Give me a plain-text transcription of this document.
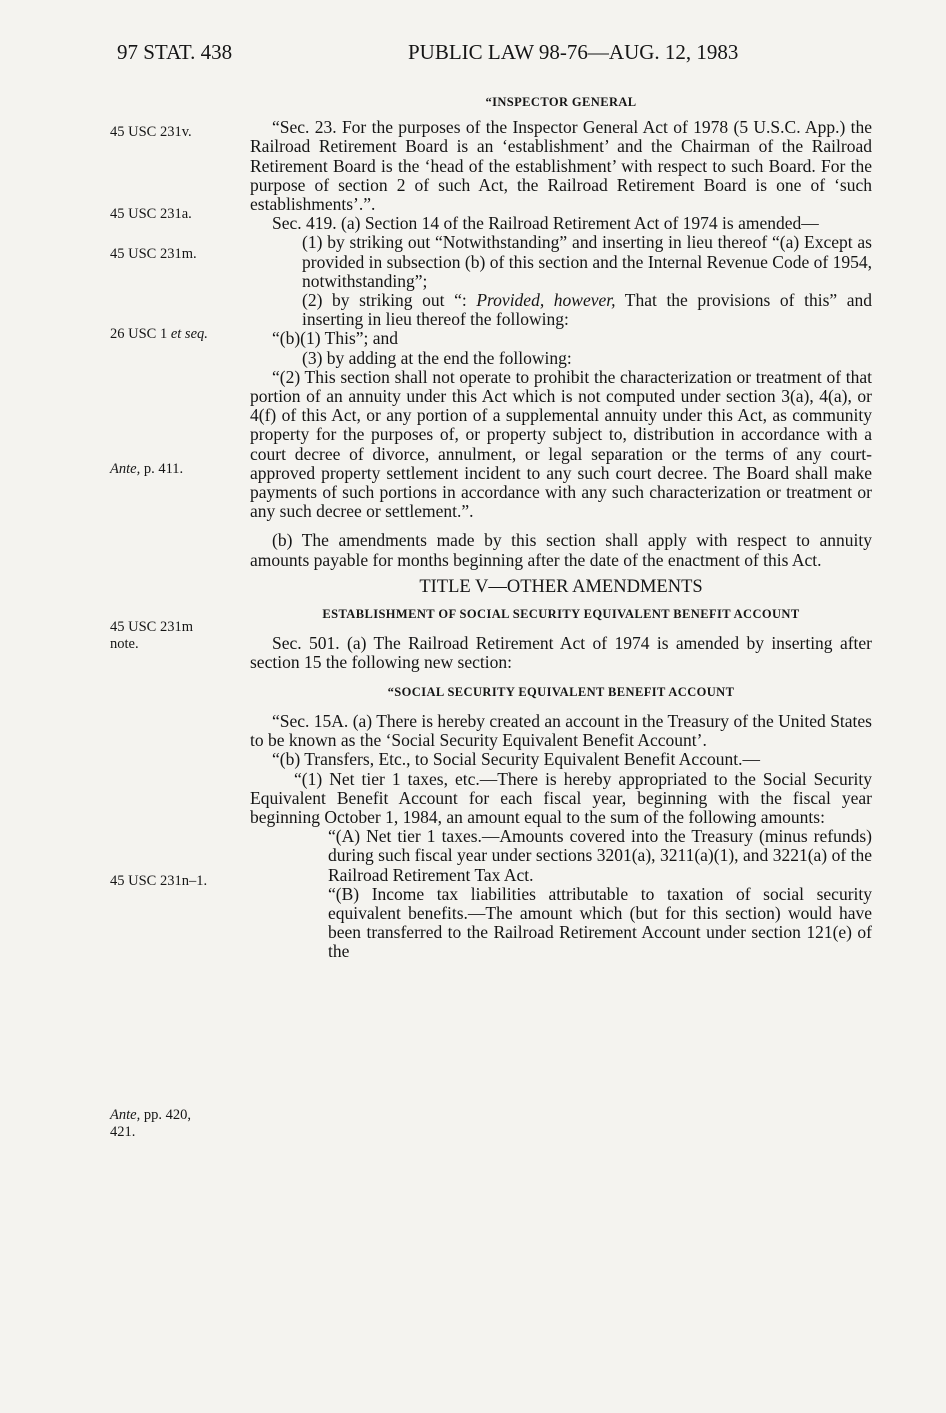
97 STAT. 438	PUBLIC LAW 98-76—AUG. 12, 1983
45 USC 231v.
45 USC 231a.
45 USC 231m.
26 USC 1 et seq.
Ante, p. 411.
45 USC 231m note.
45 USC 231n–1.
Ante, pp. 420, 421.

“INSPECTOR GENERAL

“Sec. 23. For the purposes of the Inspector General Act of 1978 (5 U.S.C. App.) the Railroad Retirement Board is an ‘establishment’ and the Chairman of the Railroad Retirement Board is the ‘head of the establishment’ with respect to such Board. For the purpose of section 2 of such Act, the Railroad Retirement Board is one of ‘such establishments’.”.

Sec. 419. (a) Section 14 of the Railroad Retirement Act of 1974 is amended—

(1) by striking out “Notwithstanding” and inserting in lieu thereof “(a) Except as provided in subsection (b) of this section and the Internal Revenue Code of 1954, notwithstanding”;

(2) by striking out “: Provided, however, That the provisions of this” and inserting in lieu thereof the following:

“(b)(1) This”; and

(3) by adding at the end the following:

“(2) This section shall not operate to prohibit the characterization or treatment of that portion of an annuity under this Act which is not computed under section 3(a), 4(a), or 4(f) of this Act, or any portion of a supplemental annuity under this Act, as community property for the purposes of, or property subject to, distribution in accordance with a court decree of divorce, annulment, or legal separation or the terms of any court-approved property settlement incident to any such court decree. The Board shall make payments of such portions in accordance with any such characterization or treatment or any such decree or settlement.”.

(b) The amendments made by this section shall apply with respect to annuity amounts payable for months beginning after the date of the enactment of this Act.

TITLE V—OTHER AMENDMENTS

ESTABLISHMENT OF SOCIAL SECURITY EQUIVALENT BENEFIT ACCOUNT

Sec. 501. (a) The Railroad Retirement Act of 1974 is amended by inserting after section 15 the following new section:

“SOCIAL SECURITY EQUIVALENT BENEFIT ACCOUNT

“Sec. 15A. (a) There is hereby created an account in the Treasury of the United States to be known as the ‘Social Security Equivalent Benefit Account’.

“(b) Transfers, Etc., to Social Security Equivalent Benefit Account.—

“(1) Net tier 1 taxes, etc.—There is hereby appropriated to the Social Security Equivalent Benefit Account for each fiscal year, beginning with the fiscal year beginning October 1, 1984, an amount equal to the sum of the following amounts:

“(A) Net tier 1 taxes.—Amounts covered into the Treasury (minus refunds) during such fiscal year under sections 3201(a), 3211(a)(1), and 3221(a) of the Railroad Retirement Tax Act.

“(B) Income tax liabilities attributable to taxation of social security equivalent benefits.—The amount which (but for this section) would have been transferred to the Railroad Retirement Account under section 121(e) of the
